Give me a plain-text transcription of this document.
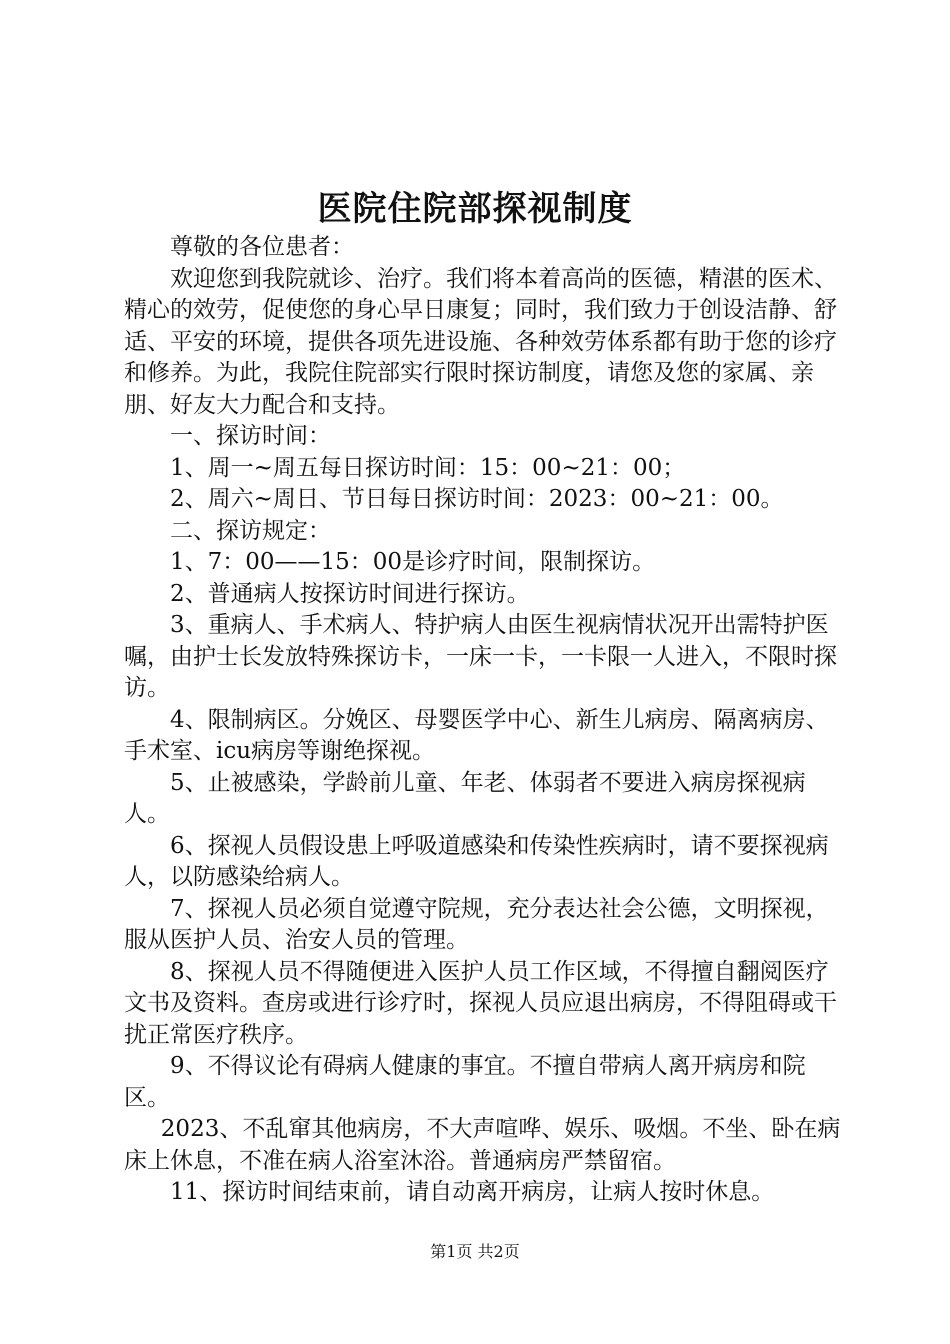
医院住院部探视制度

尊敬的各位患者：

欢迎您到我院就诊、治疗。我们将本着高尚的医德，精湛的医术、精心的效劳，促使您的身心早日康复；同时，我们致力于创设洁静、舒适、平安的环境，提供各项先进设施、各种效劳体系都有助于您的诊疗和修养。为此，我院住院部实行限时探访制度，请您及您的家属、亲朋、好友大力配合和支持。

一、探访时间：

1、周一~周五每日探访时间：15：00~21：00；

2、周六~周日、节日每日探访时间：2023：00~21：00。

二、探访规定：

1、7：00——15：00是诊疗时间，限制探访。

2、普通病人按探访时间进行探访。

3、重病人、手术病人、特护病人由医生视病情状况开出需特护医嘱，由护士长发放特殊探访卡，一床一卡，一卡限一人进入，不限时探访。

4、限制病区。分娩区、母婴医学中心、新生儿病房、隔离病房、手术室、icu病房等谢绝探视。

5、止被感染，学龄前儿童、年老、体弱者不要进入病房探视病人。

6、探视人员假设患上呼吸道感染和传染性疾病时，请不要探视病人，以防感染给病人。

7、探视人员必须自觉遵守院规，充分表达社会公德，文明探视，服从医护人员、治安人员的管理。

8、探视人员不得随便进入医护人员工作区域，不得擅自翻阅医疗文书及资料。查房或进行诊疗时，探视人员应退出病房，不得阻碍或干扰正常医疗秩序。

9、不得议论有碍病人健康的事宜。不擅自带病人离开病房和院区。

2023、不乱窜其他病房，不大声喧哗、娱乐、吸烟。不坐、卧在病床上休息，不准在病人浴室沐浴。普通病房严禁留宿。

11、探访时间结束前，请自动离开病房，让病人按时休息。

第1页 共2页
